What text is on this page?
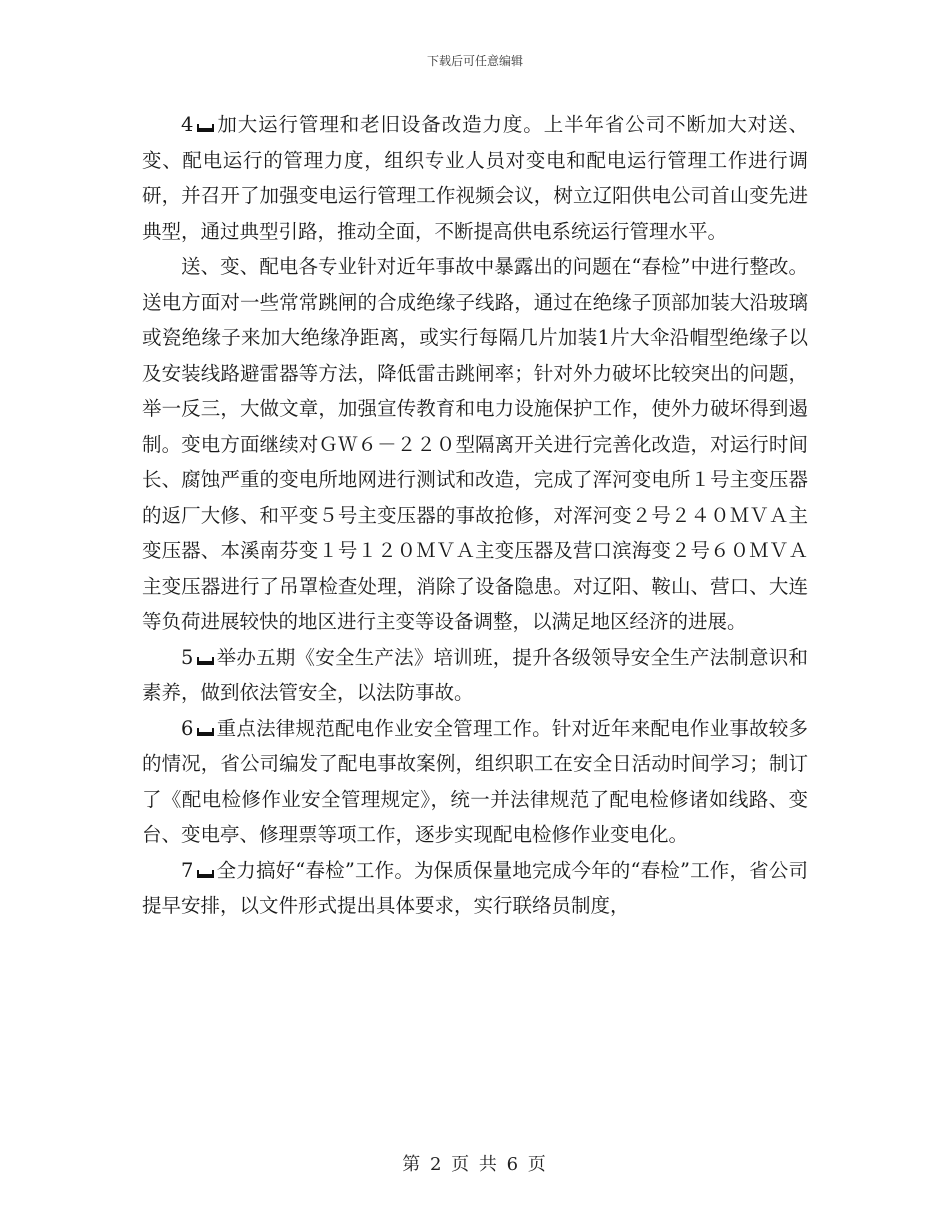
下载后可任意编辑

4 加大运行管理和老旧设备改造力度。上半年省公司不断加大对送、变、配电运行的管理力度，组织专业人员对变电和配电运行管理工作进行调研，并召开了加强变电运行管理工作视频会议，树立辽阳供电公司首山变先进典型，通过典型引路，推动全面，不断提高供电系统运行管理水平。

送、变、配电各专业针对近年事故中暴露出的问题在“春检”中进行整改。送电方面对一些常常跳闸的合成绝缘子线路，通过在绝缘子顶部加装大沿玻璃或瓷绝缘子来加大绝缘净距离，或实行每隔几片加装1片大伞沿帽型绝缘子以及安装线路避雷器等方法，降低雷击跳闸率；针对外力破坏比较突出的问题，举一反三，大做文章，加强宣传教育和电力设施保护工作，使外力破坏得到遏制。变电方面继续对ＧＷ６－２２０型隔离开关进行完善化改造，对运行时间长、腐蚀严重的变电所地网进行测试和改造，完成了浑河变电所１号主变压器的返厂大修、和平变５号主变压器的事故抢修，对浑河变２号２４０ＭＶＡ主变压器、本溪南芬变１号１２０ＭＶＡ主变压器及营口滨海变２号６０ＭＶＡ主变压器进行了吊罩检查处理，消除了设备隐患。对辽阳、鞍山、营口、大连等负荷进展较快的地区进行主变等设备调整，以满足地区经济的进展。

5 举办五期《安全生产法》培训班，提升各级领导安全生产法制意识和素养，做到依法管安全，以法防事故。

6 重点法律规范配电作业安全管理工作。针对近年来配电作业事故较多的情况，省公司编发了配电事故案例，组织职工在安全日活动时间学习；制订了《配电检修作业安全管理规定》，统一并法律规范了配电检修诸如线路、变台、变电亭、修理票等项工作，逐步实现配电检修作业变电化。

7 全力搞好“春检”工作。为保质保量地完成今年的“春检”工作，省公司提早安排，以文件形式提出具体要求，实行联络员制度，

第 2 页 共 6 页
